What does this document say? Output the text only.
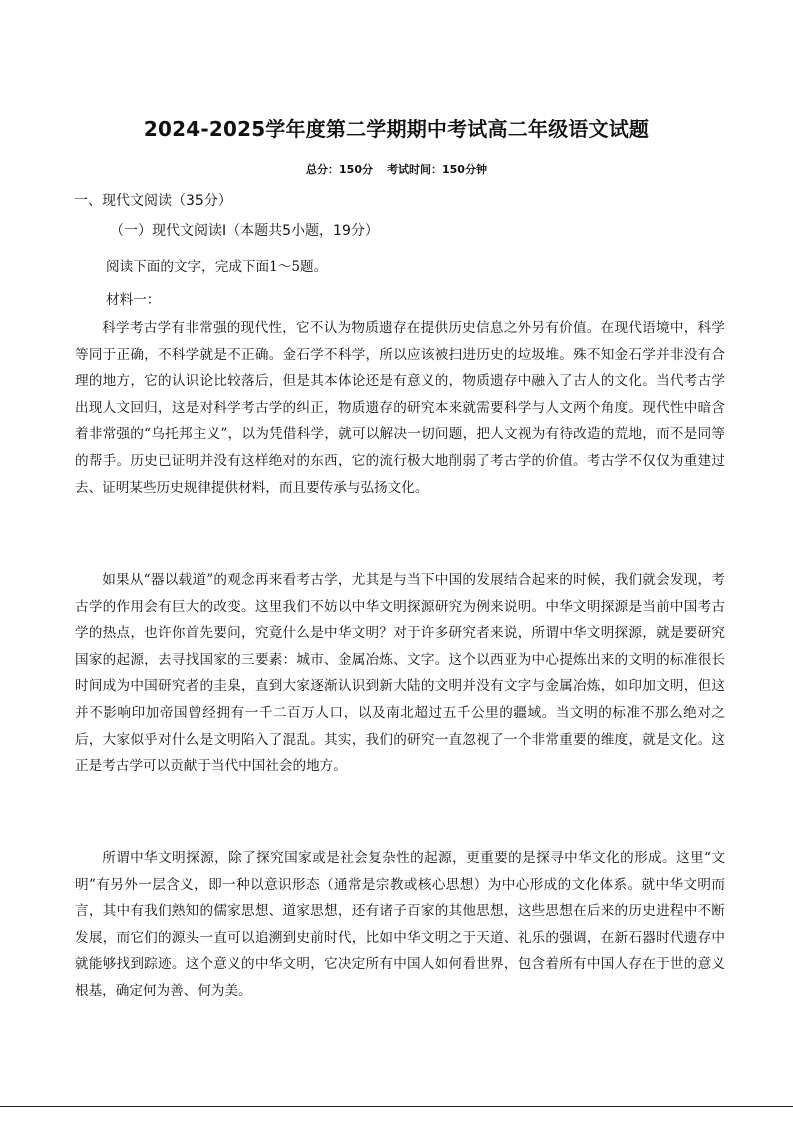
2024-2025学年度第二学期期中考试高二年级语文试题
总分：150分 考试时间：150分钟
一、现代文阅读（35分）
（一）现代文阅读Ⅰ（本题共5小题，19分）
阅读下面的文字，完成下面1～5题。
材料一：

科学考古学有非常强的现代性，它不认为物质遗存在提供历史信息之外另有价值。在现代语境中，科学等同于正确，不科学就是不正确。金石学不科学，所以应该被扫进历史的垃圾堆。殊不知金石学并非没有合理的地方，它的认识论比较落后，但是其本体论还是有意义的，物质遗存中融入了古人的文化。当代考古学出现人文回归，这是对科学考古学的纠正，物质遗存的研究本来就需要科学与人文两个角度。现代性中暗含着非常强的“乌托邦主义”，以为凭借科学，就可以解决一切问题，把人文视为有待改造的荒地，而不是同等的帮手。历史已证明并没有这样绝对的东西，它的流行极大地削弱了考古学的价值。考古学不仅仅为重建过去、证明某些历史规律提供材料，而且要传承与弘扬文化。

如果从“器以载道”的观念再来看考古学，尤其是与当下中国的发展结合起来的时候，我们就会发现，考古学的作用会有巨大的改变。这里我们不妨以中华文明探源研究为例来说明。中华文明探源是当前中国考古学的热点，也许你首先要问，究竟什么是中华文明？对于许多研究者来说，所谓中华文明探源，就是要研究国家的起源，去寻找国家的三要素：城市、金属冶炼、文字。这个以西亚为中心提炼出来的文明的标准很长时间成为中国研究者的圭臬，直到大家逐渐认识到新大陆的文明并没有文字与金属冶炼，如印加文明，但这并不影响印加帝国曾经拥有一千二百万人口，以及南北超过五千公里的疆域。当文明的标准不那么绝对之后，大家似乎对什么是文明陷入了混乱。其实，我们的研究一直忽视了一个非常重要的维度，就是文化。这正是考古学可以贡献于当代中国社会的地方。

所谓中华文明探源，除了探究国家或是社会复杂性的起源，更重要的是探寻中华文化的形成。这里“文明”有另外一层含义，即一种以意识形态（通常是宗教或核心思想）为中心形成的文化体系。就中华文明而言，其中有我们熟知的儒家思想、道家思想，还有诸子百家的其他思想，这些思想在后来的历史进程中不断发展，而它们的源头一直可以追溯到史前时代，比如中华文明之于天道、礼乐的强调，在新石器时代遗存中就能够找到踪迹。这个意义的中华文明，它决定所有中国人如何看世界，包含着所有中国人存在于世的意义根基，确定何为善、何为美。
